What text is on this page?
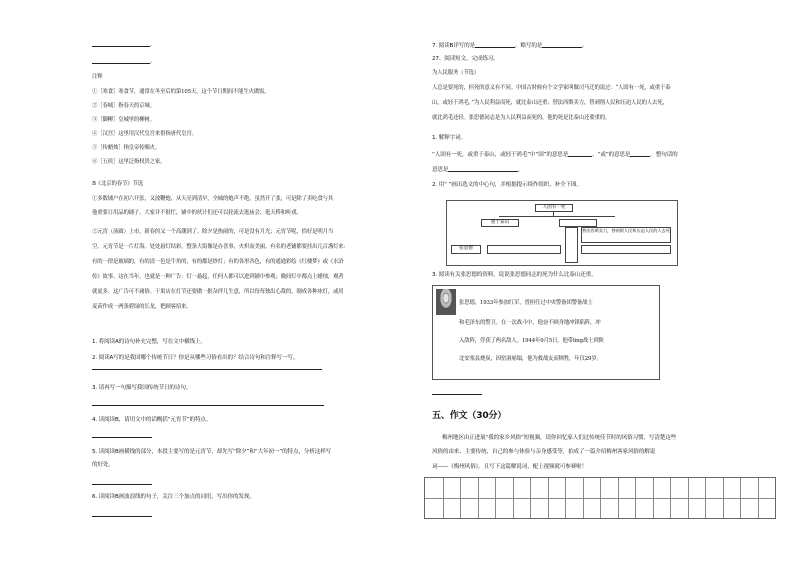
。
。
注释
①［寒食］寒食节，通常在冬至后的第105天，这个节日期间不能生火做饭。
②［春城］指春天的京城。
③［御柳］皇城里的柳树。
④［汉宫］这里用汉代皇宫来借指唐代皇宫。
⑤［传蜡烛］指皇帝传赐火。
⑥［五侯］这里泛指权贵之家。
B《北京的春节》节选
①多数铺户在初六开张，又放鞭炮，从天亮到清早，全城的炮声不绝。虽然开了张，可是除了卖吃食与其
他重要日用品的铺子，大家并不很忙，铺中的伙计们还可以轮流去逛庙会、逛天桥和听戏。
②元宵（汤圆）上市，新春的又一个高潮到了。除夕是热闹的，可是没有月光；元宵节呢，恰好是明月当
空。元宵节是一片灯海。处处悬灯结彩，整条大街像是办喜事，火炽而美丽。有名的老铺都要挂出几百盏灯来：
有的一律是玻璃的，有的清一色是牛角的，有的都是纱灯；有的各形各色，有的通通彩绘《红楼梦》或《水浒
传》故事。这在当年，也就是一种广告：灯一悬起，任何人都可以进到铺中参观；晚间灯中都点上蜡烛，观者
就更多。这广告可不庸俗。干果店在灯节还要做一批杂拌儿生意，所以每每独出心裁的，制成各种冰灯，或用
麦苗作成一两条碧绿的长龙，把顾客招来。
1. 将阅读A的诗句补充完整，写在文中横线上。
2. 阅读A写的是我国哪个传统节日？你是从哪些习俗看出的？结合诗句和注释写一写。
3. 请再写一句描写我国传统节日的诗句。
4. 读阅读B，请用文中的话概括“元宵节”的特点。
5. 读阅读B画横线的部分，本段主要写的是元宵节，却先写“除夕”和“大年初一”的特点，分析这样写
的好处。
6. 读阅读B画波浪线的句子，关注三个加点的词语，写出你的发现。
7. 阅读B详写的是	，略写的是	。
27、阅读短文，完成练习。
为人民服务（节选）
人总是要死的，但死的意义有不同。中国古时候有个文学家叫做司马迁的说过：“人固有一死，或重于泰
山，或轻于鸿毛。”为人民利益而死，就比泰山还重；替法西斯卖力，替剥削人民和压迫人民的人去死，
就比鸿毛还轻。张思德同志是为人民利益而死的，他的死是比泰山还要重的。
1. 解释字词。
“人固有一死，或重于泰山，或轻于鸿毛”中“固”的意思是	，“或”的意思是	。整句话的
意思是	。
2. 用“ ”画出选文的中心句，并根据提示续作组织，补全下图。
人固有一死
重于泰山
替法西斯卖力，替剥削人民和压迫人民的人去死
张思德
3. 阅读有关张思德的资料，说说张思德同志的死为什么比泰山还重。
张思德，1933年参加红军，曾担任过中央警备团警备战士
和毛泽东的警卫。在一次战斗中，他奋不顾身地冲锋陷阵，冲
入敌阵，俘获了两名敌人。1944年9月5日，他带ling战士到陕
北安塞县烧炭，因窑洞崩塌，他为救战友而牺牲，年仅29岁。
五、作文（30分）
梅州地区由正进展“我的家乡风俗”短视频，请你回忆家人们过传统佳节时的风俗习惯，写清楚这些
风俗的由来、主要传统、自己的参与体验与亲身感受等，拍成了一篇介绍梅州客家风俗的解说
词——《梅州风俗》。且写下这篇解说词，配上视频就可参赛啦！
